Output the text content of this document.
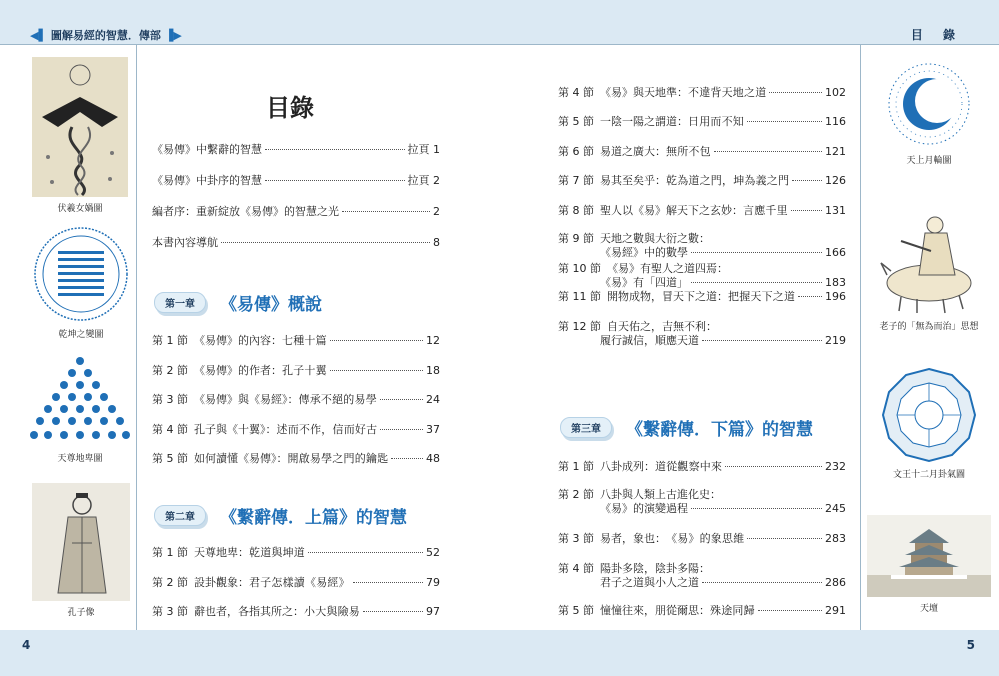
◀▌ 圖解易經的智慧．傳部 ▐▶	目 錄
4	5
伏羲女媧圖
乾坤之變圖
天尊地卑圖
孔子像
天上月輪圖
老子的「無為而治」思想
文王十二月卦氣圖
天壇
目錄
《易傳》中繫辭的智慧	拉頁 1
《易傳》中卦序的智慧	拉頁 2
編者序：重新綻放《易傳》的智慧之光	2
本書內容導航	8
第一章	《易傳》概說
第二章	《繫辭傳．上篇》的智慧
第三章	《繫辭傳．下篇》的智慧
第 1 節 《易傳》的內容： 七種十篇	12
第 2 節 《易傳》的作者： 孔子十翼	18
第 3 節 《易傳》與《易經》： 傳承不絕的易學	24
第 4 節 孔子與《十翼》： 述而不作，信而好古	37
第 5 節 如何讀懂《易傳》： 開啟易學之門的鑰匙	48
第 1 節 天尊地卑： 乾道與坤道	52
第 2 節 設卦觀象： 君子怎樣讀《易經》	79
第 3 節 辭也者，各指其所之： 小大與險易	97
第 4 節 《易》與天地準： 不違背天地之道	102
第 5 節 一陰一陽之謂道： 日用而不知	116
第 6 節 易道之廣大： 無所不包	121
第 7 節 易其至矣乎： 乾為道之門，坤為義之門	126
第 8 節 聖人以《易》解天下之玄妙： 言應千里	131
第 9 節 天地之數與大衍之數：
《易經》中的數學	166
第 10 節 《易》有聖人之道四焉：
《易》有「四道」	183
第 11 節 開物成物，冒天下之道： 把握天下之道	196
第 12 節 自天佑之，吉無不利：
履行誠信，順應天道	219
第 1 節 八卦成列： 道從觀察中來	232
第 2 節 八卦與人類上古進化史：
《易》的演變過程	245
第 3 節 易者，象也： 《易》的象思維	283
第 4 節 陽卦多陰，陰卦多陽：
君子之道與小人之道	286
第 5 節 憧憧往來，朋從爾思： 殊途同歸	291
